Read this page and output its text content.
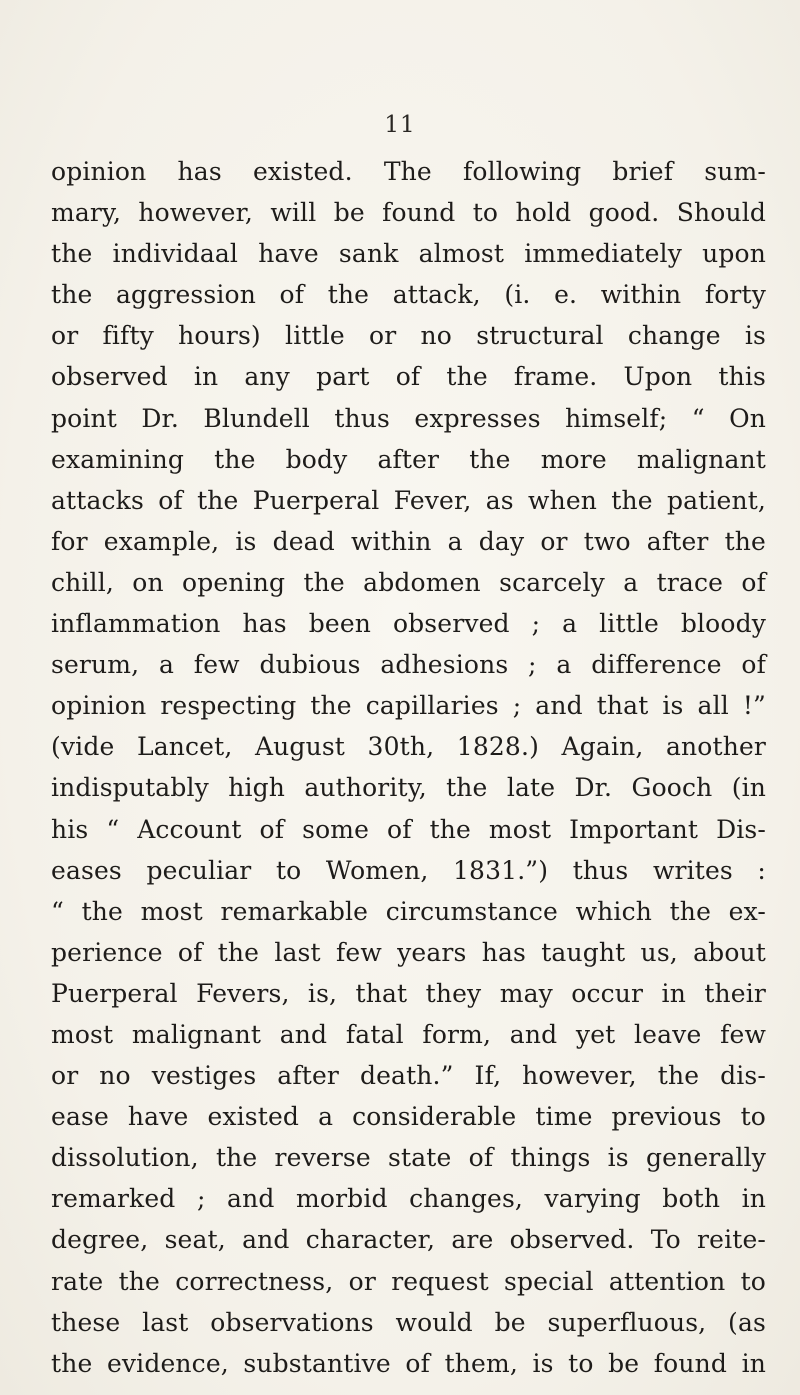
11
opinion has existed. The following brief sum-
mary, however, will be found to hold good. Should
the individaal have sank almost immediately upon
the aggression of the attack, (i. e. within forty
or fifty hours) little or no structural change is
observed in any part of the frame. Upon this
point Dr. Blundell thus expresses himself; “ On
examining the body after the more malignant
attacks of the Puerperal Fever, as when the patient,
for example, is dead within a day or two after the
chill, on opening the abdomen scarcely a trace of
inflammation has been observed ; a little bloody
serum, a few dubious adhesions ; a difference of
opinion respecting the capillaries ; and that is all !”
(vide Lancet, August 30th, 1828.) Again, another
indisputably high authority, the late Dr. Gooch (in
his “ Account of some of the most Important Dis-
eases peculiar to Women, 1831.”) thus writes :
“ the most remarkable circumstance which the ex-
perience of the last few years has taught us, about
Puerperal Fevers, is, that they may occur in their
most malignant and fatal form, and yet leave few
or no vestiges after death.” If, however, the dis-
ease have existed a considerable time previous to
dissolution, the reverse state of things is generally
remarked ; and morbid changes, varying both in
degree, seat, and character, are observed. To reite-
rate the correctness, or request special attention to
these last observations would be superfluous, (as
the evidence, substantive of them, is to be found in
